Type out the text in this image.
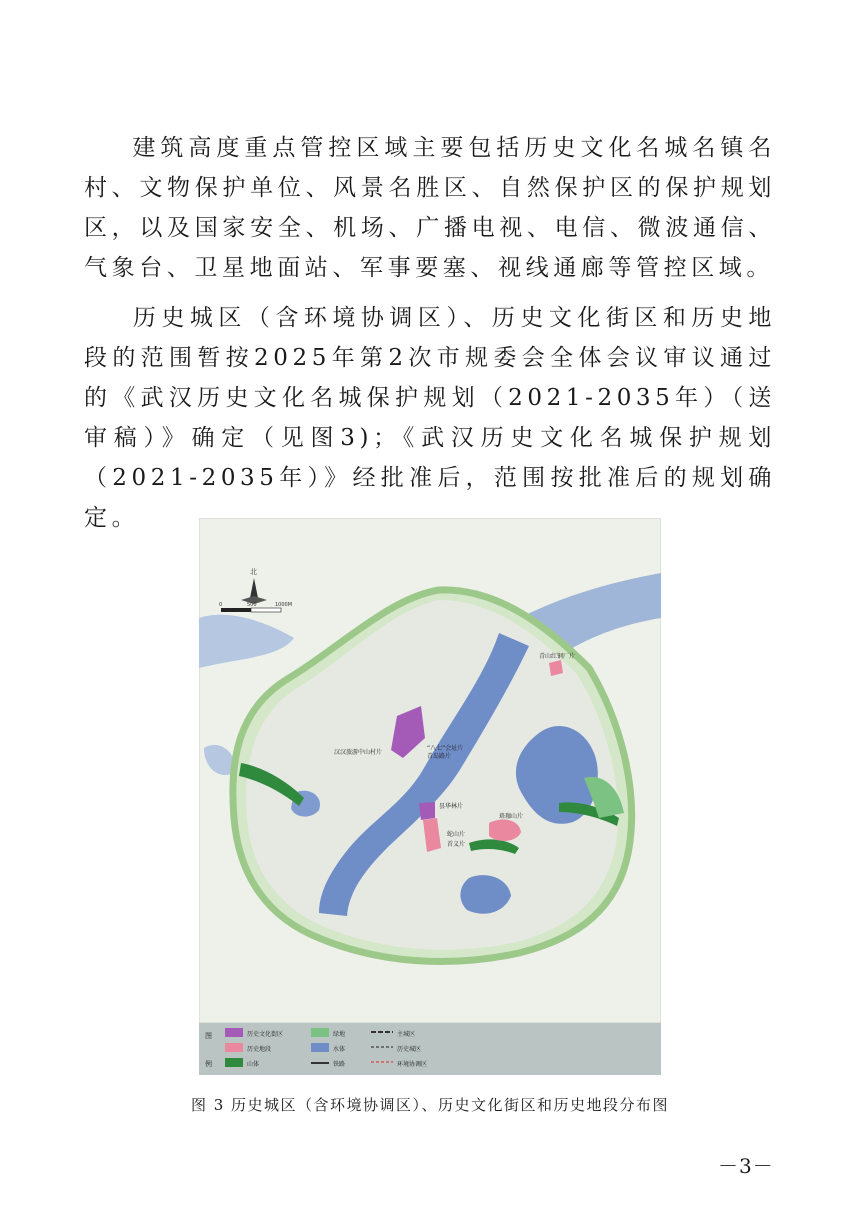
建筑高度重点管控区域主要包括历史文化名城名镇名村、文物保护单位、风景名胜区、自然保护区的保护规划区，以及国家安全、机场、广播电视、电信、微波通信、气象台、卫星地面站、军事要塞、视线通廊等管控区域。

历史城区（含环境协调区）、历史文化街区和历史地段的范围暂按2025年第2次市规委会全体会议审议通过的《武汉历史文化名城保护规划（2021-2035年）（送审稿）》确定（见图3)；《武汉历史文化名城保护规划（2021-2035年）》经批准后，范围按批准后的规划确定。

北
0	500	1000M
青山红钢厂片
汉汉旅游中山村片
“八七”会址片
青岛路片
昙华林片
蛇山片
珞珈山片
首义片
图
例
历史文化街区
历史地段
山体
绿地
水体
铁路
主城区
历史城区
环境协调区
图 3 历史城区（含环境协调区）、历史文化街区和历史地段分布图
－3－
